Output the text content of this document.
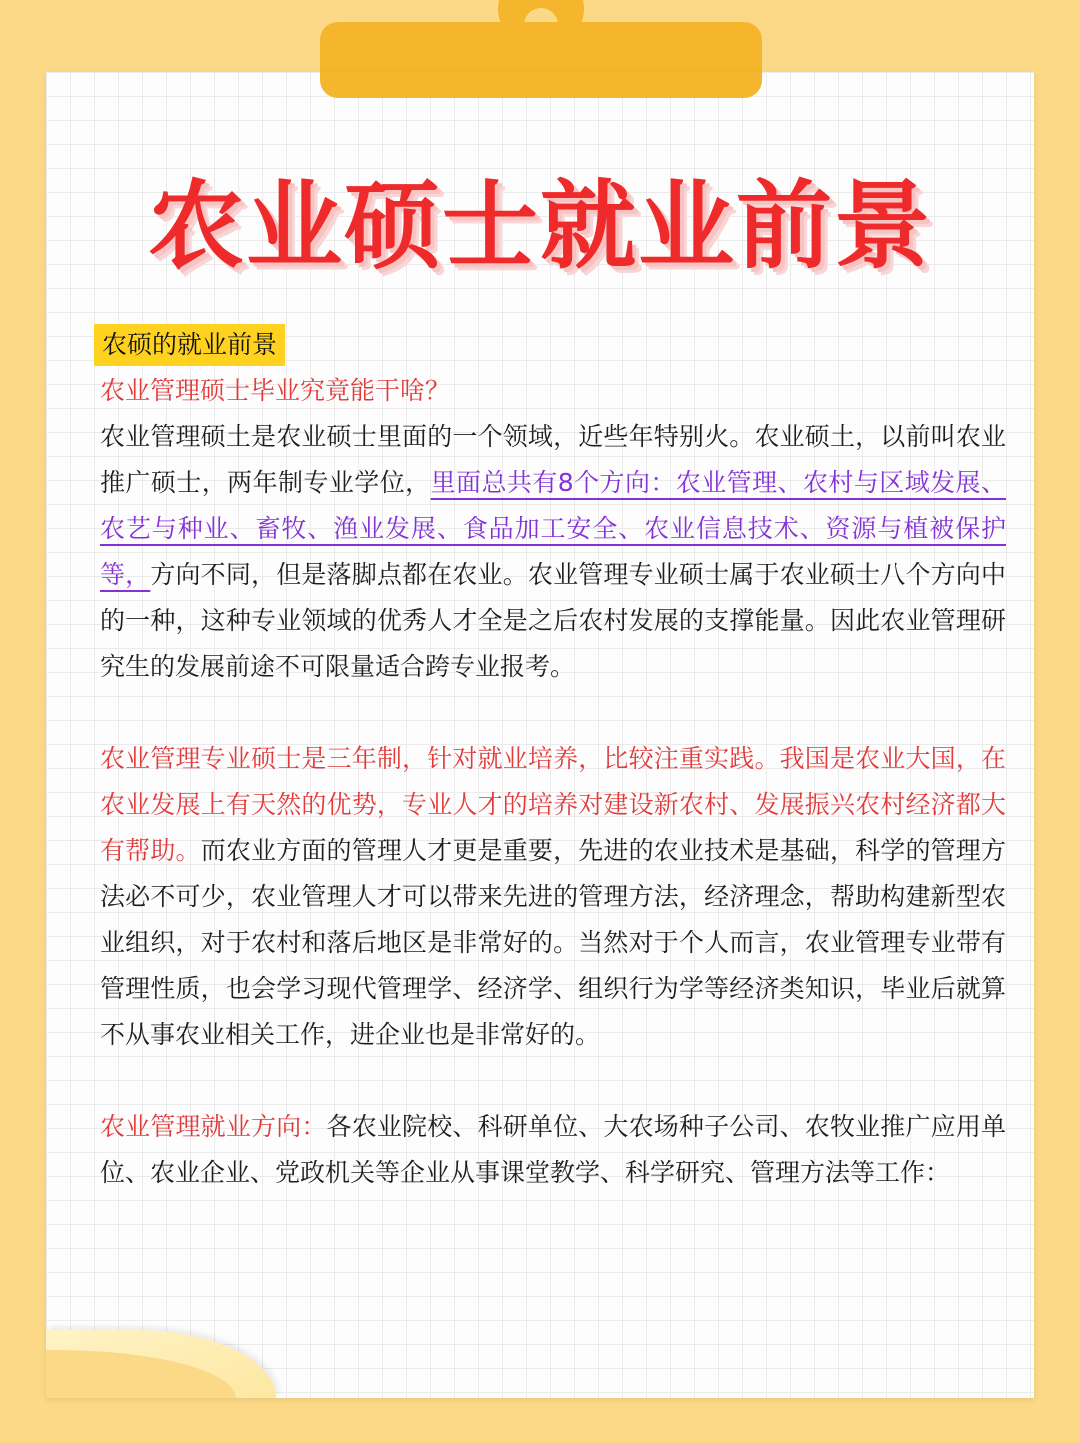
农业硕士就业前景
农硕的就业前景
农业管理硕士毕业究竟能干啥？

农业管理硕土是农业硕士里面的一个领域，近些年特别火。农业硕土，以前叫农业推广硕士，两年制专业学位，里面总共有8个方向：农业管理、农村与区域发展、农艺与种业、畜牧、渔业发展、食品加工安全、农业信息技术、资源与植被保护等，方向不同，但是落脚点都在农业。农业管理专业硕士属于农业硕士八个方向中的一种，这种专业领域的优秀人才全是之后农村发展的支撑能量。因此农业管理研究生的发展前途不可限量适合跨专业报考。

农业管理专业硕士是三年制，针对就业培养，比较注重实践。我国是农业大国，在农业发展上有天然的优势，专业人才的培养对建设新农村、发展振兴农村经济都大有帮助。而农业方面的管理人才更是重要，先进的农业技术是基础，科学的管理方法必不可少，农业管理人才可以带来先进的管理方法，经济理念，帮助构建新型农业组织，对于农村和落后地区是非常好的。当然对于个人而言，农业管理专业带有管理性质，也会学习现代管理学、经济学、组织行为学等经济类知识，毕业后就算不从事农业相关工作，进企业也是非常好的。

农业管理就业方向：各农业院校、科研单位、大农场种子公司、农牧业推广应用单位、农业企业、党政机关等企业从事课堂教学、科学研究、管理方法等工作：
